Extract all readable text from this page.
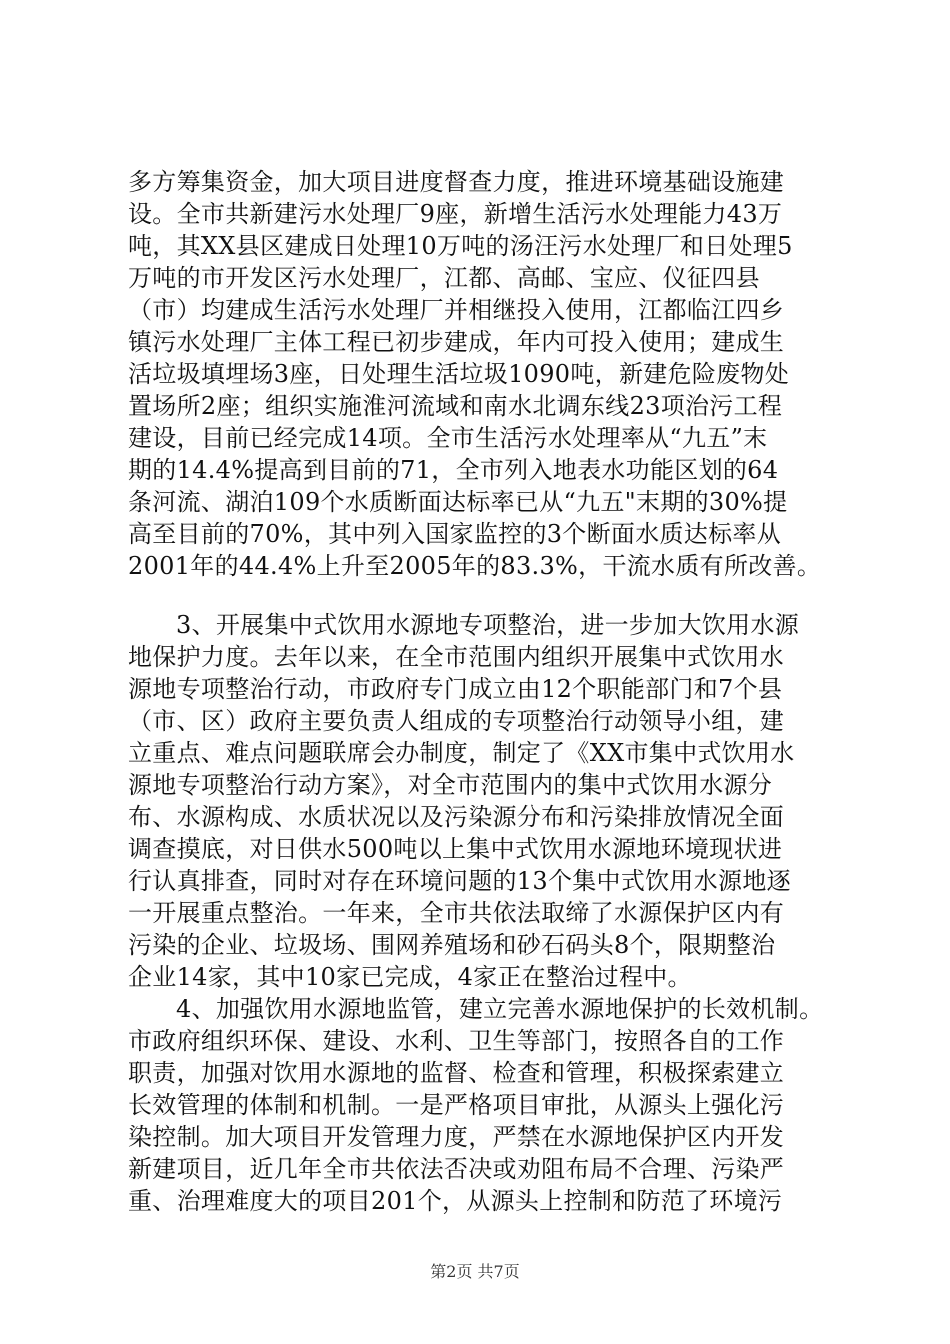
多方筹集资金，加大项目进度督查力度，推进环境基础设施建
设。全市共新建污水处理厂9座，新增生活污水处理能力43万
吨，其XX县区建成日处理10万吨的汤汪污水处理厂和日处理5
万吨的市开发区污水处理厂，江都、高邮、宝应、仪征四县
（市）均建成生活污水处理厂并相继投入使用，江都临江四乡
镇污水处理厂主体工程已初步建成，年内可投入使用；建成生
活垃圾填埋场3座，日处理生活垃圾1090吨，新建危险废物处
置场所2座；组织实施淮河流域和南水北调东线23项治污工程
建设，目前已经完成14项。全市生活污水处理率从“九五”末
期的14.4%提高到目前的71，全市列入地表水功能区划的64
条河流、湖泊109个水质断面达标率已从“九五"末期的30%提
高至目前的70%，其中列入国家监控的3个断面水质达标率从
2001年的44.4%上升至2005年的83.3%，干流水质有所改善。
3、开展集中式饮用水源地专项整治，进一步加大饮用水源
地保护力度。去年以来，在全市范围内组织开展集中式饮用水
源地专项整治行动，市政府专门成立由12个职能部门和7个县
（市、区）政府主要负责人组成的专项整治行动领导小组，建
立重点、难点问题联席会办制度，制定了《XX市集中式饮用水
源地专项整治行动方案》，对全市范围内的集中式饮用水源分
布、水源构成、水质状况以及污染源分布和污染排放情况全面
调查摸底，对日供水500吨以上集中式饮用水源地环境现状进
行认真排查，同时对存在环境问题的13个集中式饮用水源地逐
一开展重点整治。一年来，全市共依法取缔了水源保护区内有
污染的企业、垃圾场、围网养殖场和砂石码头8个，限期整治
企业14家，其中10家已完成，4家正在整治过程中。
4、加强饮用水源地监管，建立完善水源地保护的长效机制。
市政府组织环保、建设、水利、卫生等部门，按照各自的工作
职责，加强对饮用水源地的监督、检查和管理，积极探索建立
长效管理的体制和机制。一是严格项目审批，从源头上强化污
染控制。加大项目开发管理力度，严禁在水源地保护区内开发
新建项目，近几年全市共依法否决或劝阻布局不合理、污染严
重、治理难度大的项目201个，从源头上控制和防范了环境污
第2页 共7页
